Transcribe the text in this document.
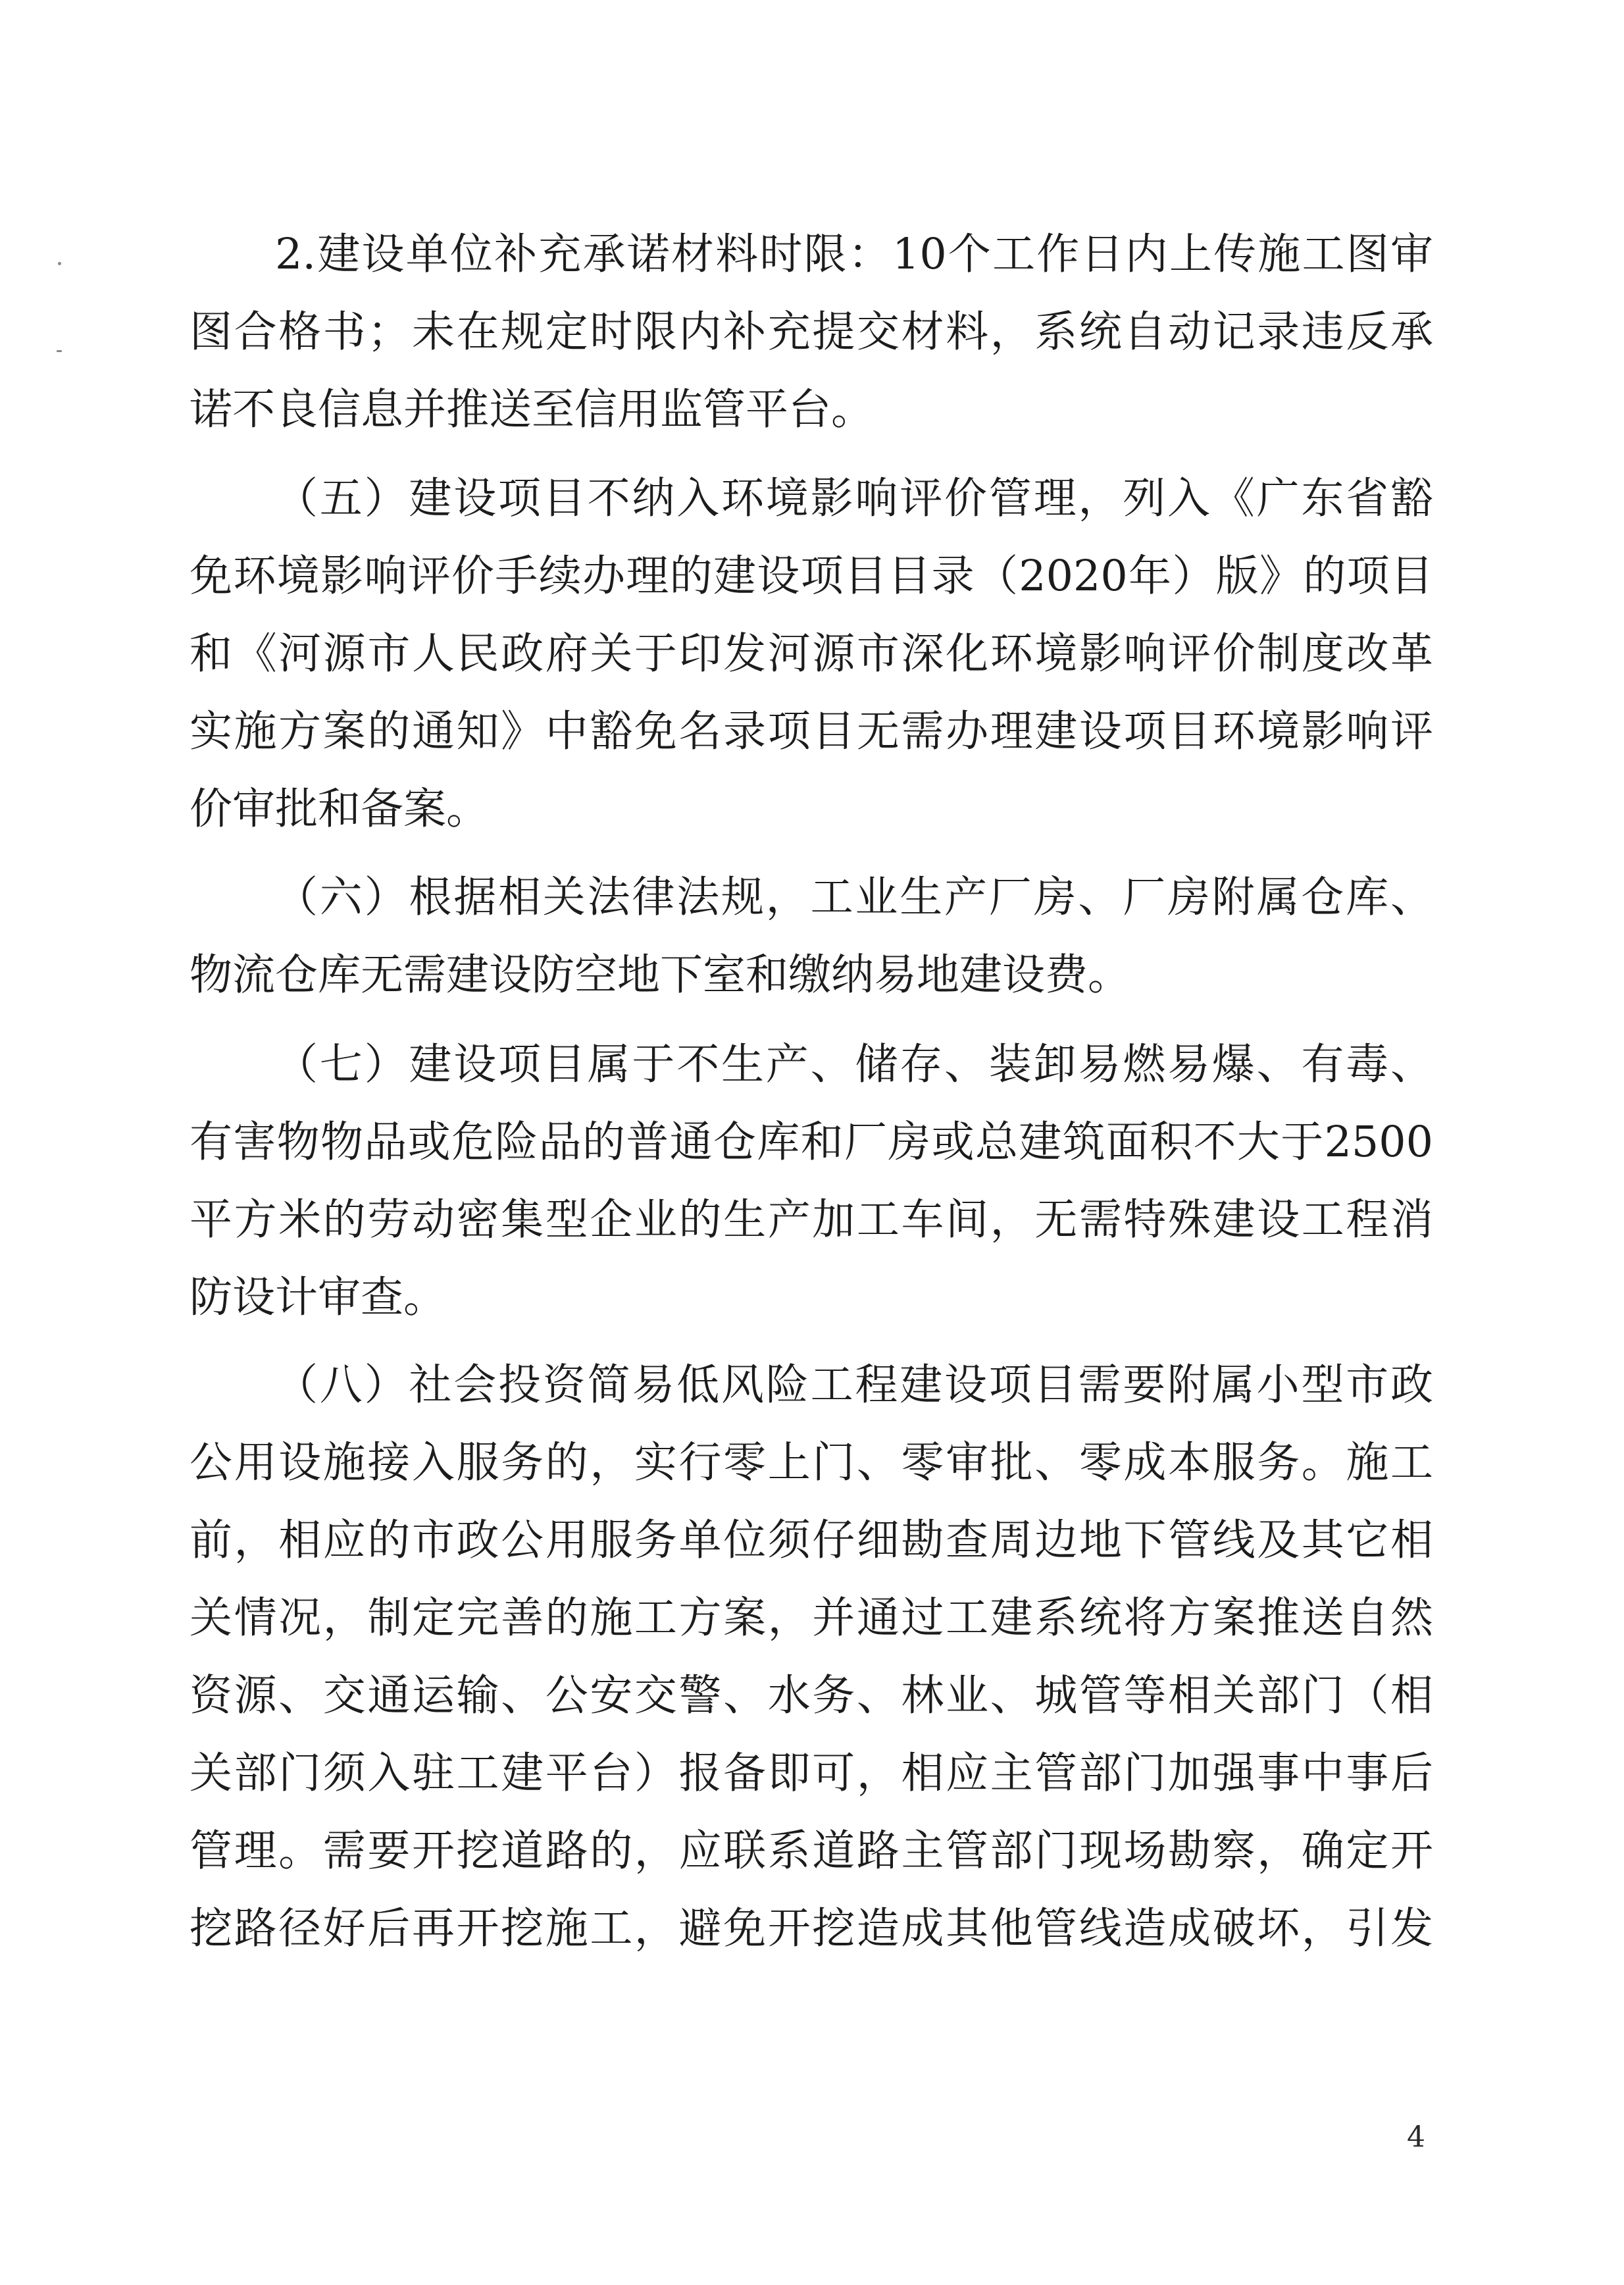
2.建设单位补充承诺材料时限：10个工作日内上传施工图审
图合格书；未在规定时限内补充提交材料，系统自动记录违反承
诺不良信息并推送至信用监管平台。
（五）建设项目不纳入环境影响评价管理，列入《广东省豁
免环境影响评价手续办理的建设项目目录（2020年）版》的项目
和《河源市人民政府关于印发河源市深化环境影响评价制度改革
实施方案的通知》中豁免名录项目无需办理建设项目环境影响评
价审批和备案。
（六）根据相关法律法规，工业生产厂房、厂房附属仓库、
物流仓库无需建设防空地下室和缴纳易地建设费。
（七）建设项目属于不生产、储存、装卸易燃易爆、有毒、
有害物物品或危险品的普通仓库和厂房或总建筑面积不大于2500
平方米的劳动密集型企业的生产加工车间，无需特殊建设工程消
防设计审查。
（八）社会投资简易低风险工程建设项目需要附属小型市政
公用设施接入服务的，实行零上门、零审批、零成本服务。施工
前，相应的市政公用服务单位须仔细勘查周边地下管线及其它相
关情况，制定完善的施工方案，并通过工建系统将方案推送自然
资源、交通运输、公安交警、水务、林业、城管等相关部门（相
关部门须入驻工建平台）报备即可，相应主管部门加强事中事后
管理。需要开挖道路的，应联系道路主管部门现场勘察，确定开
挖路径好后再开挖施工，避免开挖造成其他管线造成破坏，引发
4
